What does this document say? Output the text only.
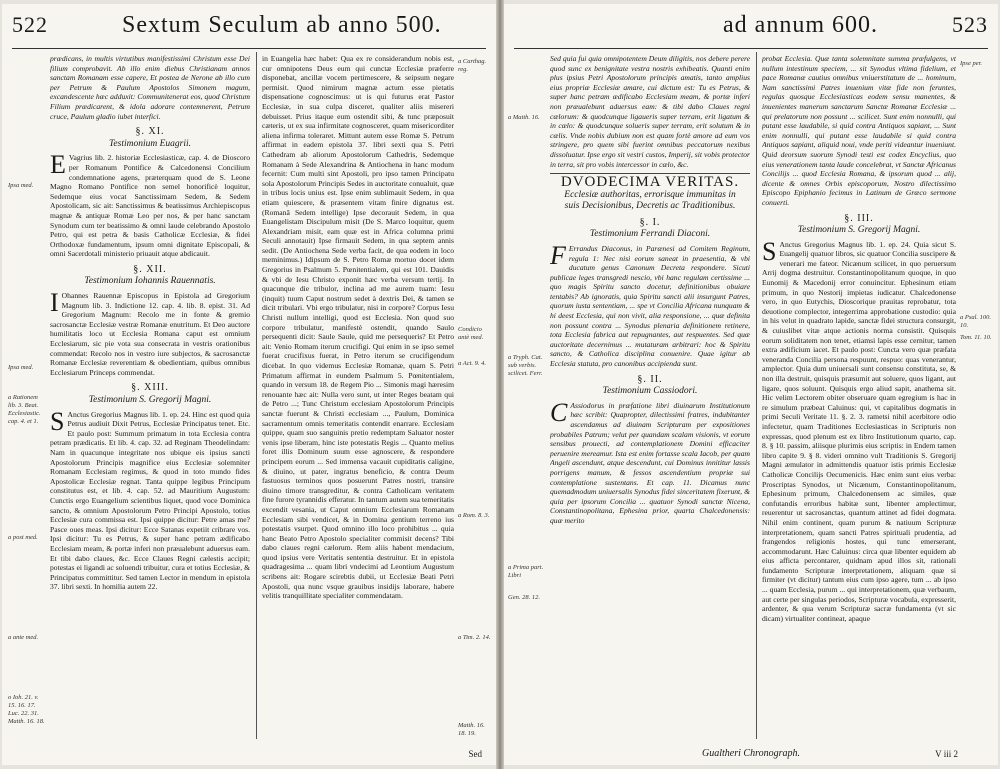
522	Sextum Seculum ab anno 500.
Ipsa med.
Ipsa med.
a Rationem lib. 3. Beat. Ecclesiastic. cap. 4. et 1.
a post med.
a ante med.
o Ioh. 21. v. 15. 16. 17. Luc. 22. 31. Matth. 16. 18.

prædicans, in multis virtutibus manifestissimi Christum esse Dei filium comprobavit. Ab illo enim diebus Christianam annos sanctam Romanam esse capere, Et postea de Nerone ab illo cum per Petrum & Paulum Apostolos Simonem magum, excandescente hæc adduxit: Communitenerat eos, quod Christum Filium prædicarent, & idola adorare contemnerent, Petrum cruce, Paulum gladio iubet interfici.

§. XI.
Testimonium Euagrii.

E Vagrius lib. 2. historiæ Ecclesiasticæ, cap. 4. de Dioscoro per Romanum Pontifice & Calcedonensi Concilium condemnatione agens, præterquam quod de S. Leone Magno Romano Pontifice non semel honorificè loquitur, Sedemque eius vocat Sanctissimam Sedem, & Sedem Apostolicam, sic ait: Sanctissimus & beatissimus Archiepiscopus magnæ & antiquæ Romæ Leo per nos, & per hanc sanctam Synodum cum ter beatissimo & omni laude celebrando Apostolo Petro, qui est petra & basis Catholicæ Ecclesiæ, & fidei Orthodoxæ fundamentum, ipsum omni dignitate Episcopali, & omni Sacerdotali ministerio priuauit atque abdicauit.

§. XII.
Testimonium Iohannis Rauennatis.

I Ohannes Rauennæ Episcopus in Epistola ad Gregorium Magnum lib. 3. Indictione 12. cap. 4. lib. 8. epist. 31. Ad Gregorium Magnum: Recolo me in fonte & gremio sacrosanctæ Ecclesiæ vestræ Romanæ enutritum. Et Deo auctore humilitatis loco ut Ecclesia Romana caput est omnium Ecclesiarum, sic pie vota sua consecrata in vestris orationibus commendat: Recolo nos in vestro iure subjectos, & sacrosanctæ Romanæ Ecclesiæ reverentiam & obedientiam, quibus omnibus Ecclesiarum Princeps commendat.

§. XIII.
Testimonium S. Gregorij Magni.

S Anctus Gregorius Magnus lib. 1. ep. 24. Hinc est quod quia Petrus audiuit Dixit Petrus, Ecclesiæ Principatus tenet. Etc. Et paulo post: Summum primatum in tota Ecclesia contra petram prædicatis. Et lib. 4. cap. 32. ad Reginam Theodelindam: Nam in quacunque integritate nos ubique eis ipsius sancti Apostolorum Principis magnifice eius Ecclesiæ solemniter Romanam Ecclesiam regimus, & quod in toto mundo fides Apostolicæ Ecclesiæ regnat. Tanta quippe legibus Principum constitutus est, et lib. 4. cap. 52. ad Mauritium Augustum: Cunctis ergo Euangelium scientibus liquet, quod voce Dominica sancto, & omnium Apostolorum Petro Principi Apostolo, totius Ecclesiæ cura commissa est. Ipsi quippe dicitur: Petre amas me? Pasce oues meas. Ipsi dicitur: Ecce Satanas expetiit cribrare vos. Ipsi dicitur: Tu es Petrus, & super hanc petram ædificabo Ecclesiam meam, & portæ inferi non præualebunt aduersus eam. Et tibi dabo claues, &c. Ecce Claues Regni cælestis accipit; potestas ei ligandi ac soluendi tribuitur, cura et totius Ecclesiæ, & Principatus committitur. Sed tamen Lector in mendum in epistola 37. libri sexti. In homilia autem 22.

in Euangelia hæc habet: Qua ex re considerandum nobis est, cur omnipotens Deus eum qui cunctæ Ecclesiæ præferre disponebat, ancillæ vocem pertimescere, & seipsum negare permisit. Quod nimirum magnæ actum esse pietatis dispensatione cognoscimus: ut is qui futurus erat Pastor Ecclesiæ, in sua culpa disceret, qualiter aliis misereri debuisset. Prius itaque eum ostendit sibi, & tunc præposuit cæteris, ut ex sua infirmitate cognosceret, quam misericorditer aliena infirma toleraret. Mittunt autem esse Romæ S. Petrum affirmat in eadem epistola 37. libri sexti qua S. Petri Cathedram ab aliorum Apostolorum Cathedris, Sedemque Romanam à Sede Alexandrina & Antiochena in hanc modum fecernit: Cum multi sint Apostoli, pro ipso tamen Principatu sola Apostolorum Principis Sedes in auctoritate conualuit, quæ in tribus locis unius est. Ipse enim sublimauit Sedem, in qua etiam quiescere, & præsentem vitam finire dignatus est. (Romanâ Sedem intellige) Ipse decorauit Sedem, in qua Euangelistam Discipulum misit (De S. Marco loquitur, quem Alexandriam misit, eam quæ est in Africa columna primi Seculi annotauit) Ipse firmauit Sedem, in qua septem annis sedit. (De Antiochena Sede verba facit, de qua eodem in loco meminimus.) Idipsum de S. Petro Romæ mortuo docet idem Gregorius in Psalmum 5. Pœnitentialem, qui est 101. Dauidis & vbi de Iesu Christo exponit hæc verba versum tertij. In quacunque die tribulor, inclina ad me aurem tuam: Iesu (inquit) tuum Caput nostrum sedet à dextris Dei, & tamen se dicit tribulari. Vbi ergo tribulatur, nisi in corpore? Corpus Iesu Christi nullum intelligi, quod est Ecclesia. Non quod suo corpore tribulatur, manifestè ostendit, quando Saulo persequenti dicit: Saule Saule, quid me persequeris? Et Petro ait: Venio Romam iterum crucifigi. Qui enim in se ipso semel fuerat crucifixus fuerat, in Petro iterum se crucifigendum dicebat. In quo videmus Ecclesiæ Romanæ, quam S. Petri Primatum affirmat in eundem Psalmum 5. Pœnitentialem, quando in versum 18. de Regem Pio ... Simonis magi hæresim renouante hæc ait: Nulla vero sunt, ut inter Reges beatam qui de Petro ...; Tunc Christum ecclesiam Apostolorum Principis sanctæ fuerunt & Christi ecclesiam ..., Paulum, Dominica sacramentum omnis temeritatis contendit enarrare. Ecclesiam quippe, quam suo sanguinis pretio redemptam Saluator noster venis ipse liberam, hinc iste potestatis Regis ... Quanto melius foret illis Dominum suum esse agnoscere, & respondere principem eorum ... Sed immensa vacauit cupiditatis caligine, & diuino, ut pater, ingratus beneficio, & contra Deum fastuosus terminos quos posuerunt Patres nostri, transire diuino timore transgreditur, & contra Catholicam veritatem fine furore tyrannidis efferatur. In tantum autem sua temeritatis excendit vesania, ut Caput omnium Ecclesiarum Romanam Ecclesiam sibi vendicet, & in Domina gentium terreno ius potestatis vsurpet. Quod omnino illo loco prohibitus ... quia hanc Beato Petro Apostolo specialiter commisit decens? Tibi dabo claues regni cælorum. Rem aliis habent mendacium, quod ipsius vere Veritatis sententia destruitur. Et in epistola quadragesima ... quam libri vndecimi ad Leontium Augustum scribens ait: Rogare scirebtis dubii, ut Ecclesiæ Beati Petri Apostoli, qua nunc vsque grauibus insidijs laborare, habere velitis tranquillitate specialiter commendatam.

a Carthag. reg.
Condicio antè med.
a Act. 9. 4.
a Rom. 8. 3.
a Tim. 2. 14.
Matth. 16. 18. 19.
Sed
ad annum 600.	523
a Matth. 16.
a Tryph. Cat. sub verbis. scilicet. Ferr.
a Prima part. Libri
Gen. 28. 12.

Sed quia fui quia omnipotentem Deum diligitis, nos debere perere quod sunc ex benignitate vestra nostris exhibeatis. Quanti enim plus ipsius Petri Apostolorum principis amatis, tanto amplius eius propriæ Ecclesiæ amare, cui dictum est: Tu es Petrus, & super hanc petram ædificabo Ecclesiam meam, & portæ inferi non præualebunt aduersus eam: & tibi dabo Claues regni cælorum: & quodcunque ligaueris super terram, erit ligatum & in cælo: & quodcunque solueris super terram, erit solutum & in cælis. Vnde nobis dubium non est quam fortè amore ad eum vos stringere, pro quem sibi fuerint omnibus peccatorum nexibus dissoluatur. Ipse ergo sit vestri custos, Imperij, sit vobis protector in terra, sit pro vobis intercessor in cælo, &c.

DVODECIMA VERITAS.
Ecclesiæ authoritas, errorisque immunitas in suis Decisionibus, Decretis ac Traditionibus.
§. I.
Testimonium Ferrandi Diaconi.

F Errandus Diaconus, in Parænesi ad Comitem Reginum, regula 1: Nec nisi eorum saneat in praesentia, & vbi ducatum genus Canonum Decreta respondere. Sicuti publicae leges transgredi nescio, vbi hanc regulam certissime ... quo magis Spiritu sancto docetur, definitionibus obuiare tentabis? Ab ignoratis, quia Spiritu sancti alii insurgunt Patres, quorum iusta sententiam, ... spe vt Concilia Africana nunquam & hi deest Ecclesia, qui non vivit, alia responsione, ... quæ definita non possunt contra ... Synodus plenaria definitionem retinere, tota Ecclesia fabrica aut repugnantes, aut respuentes. Sed quæ auctoritate decernimus ... mutaturam arbitrari: hoc & Spiritu sancto, & Catholica disciplina conuenire. Quae igitur ab Ecclesia statuta, pro canonibus accipienda sunt.

§. II.
Testimonium Cassiodori.

C Assiodorus in præfatione libri diuinarum Institutionum hæc scribit: Quapropter, dilectissimi fratres, indubitanter ascendamus ad diuinam Scripturam per expositiones probabiles Patrum; velut per quandam scalam visionis, vt eorum sensibus prouecti, ad contemplationem Domini efficaciter peruenire mereamur. Ista est enim fortasse scala Iacob, per quam Angeli ascendunt, atque descendunt, cui Dominus innititur lassis porrigens manum, & fessos ascendentium propriæ sui contemplatione sustentans. Et cap. 11. Dicamus nunc quemadmodum uniuersalis Synodus fidei sinceritatem fixerunt, & quia per ipsorum Concilia ... quatuor Synodi sanctæ Nicena, Constantinopolitana, Ephesina prior, quarta Chalcedonensis: quæ merito

probat Ecclesia. Quæ tanta solemnitate summa præfulgens, vt nullum intestinum speciem, ... sit Synodus vltima fidelium, et pace Romanæ cautius omnibus vniuerstitatum de ... hominum, Nam sanctissimi Patres inuenium vitæ fide non feruntes, regulas quosque Ecclesiasticas eodem sensu manentes, & inuenientes manerum sanctarum Sanctæ Romanæ Ecclesiæ ... qui prelatorum non possunt ... scilicet. Sunt enim nonnulli, qui putant esse laudabile, si quid contra Antiquos sapiant, ... Sunt enim nonnulli, qui putant esse laudabile si quid contra Antiquos sapiant, aliquid noui, vnde periti videantur inueniunt. Quid deorsum suorum Synodi testi est codex Encyclius, quo eius venerationem tanta laude concelebrat, vt Sanctæ Africanus Concilijs ... quod Ecclesia Romana, & ipsorum quod ... alij, dicente & omnes Orbis episcoporum, Nostro dilectissimo Episcopo Epiphanio fecimus in Latinum de Græco sermone conuerti.

§. III.
Testimonium S. Gregorij Magni.

S Anctus Gregorius Magnus lib. 1. ep. 24. Quia sicut S. Euangelij quatuor libros, sic quatuor Concilia suscipere & venerari me fateor. Nicænum scilicet, in quo peruersum Arrij dogma destruitur. Constantinopolitanum quoque, in quo Eunomij & Macedonij error conuincitur. Ephesinum etiam primum, in quo Nestorij impietas iudicatur. Chalcedonense vero, in quo Eutychis, Dioscorique prauitas reprobatur, tota deuotione complector, integerrima approbatione custodio: quia in his velut in quadrato lapide, sanctæ fidei structura consurgit, & cuiuslibet vitæ atque actionis norma consistit. Quisquis eorum soliditatem non tenet, etiamsi lapis esse cernitur, tamen extra ædificium iacet. Et paulo post: Cuncta vero quæ præfata veneranda Concilia persona respuunt, respuo: quas venerantur, amplector. Quia dum uniuersali sunt consensu constituta, se, & non illa destruit, quisquis præsumit aut soluere, quos ligant, aut ligare, quos soluunt. Quisquis ergo aliud sapit, anathema sit. Hic velim Lectorem obiter obseruare quam egregium is hac in re simulum præbeat Caluinus: qui, vt capitalibus dogmatis in primi Seculi Veritate 11. §. 2. 3. rametsi nihil acerbitore odio infectetur, quam Traditiones Ecclesiasticas in Scripturis non expressas, quod plenum est ex libro Institutionum quarto, cap. 8. § 10. passim, aliisque plurimis eius scriptis: in Endem tamen libro capite 9. § 8. videri omnino vult Traditionis S. Gregorij Magni æmulator in admittendis quatuor istis primis Ecclesiæ Catholicæ Concilijs Oecumenicis. Hæc enim sunt eius verba: Proscriptas Synodos, ut Nicænum, Constantinopolitanum, Ephesinum primum, Chalcedonensem ac similes, quæ confutandis erroribus habitæ sunt, libenter amplectimur, reuerentur ut sacrosanctas, quantum attinet ad fidei dogmata. Nihil enim continent, quam purum & natiuum Scripturæ interpretationem, quam sancti Patres spirituali prudentia, ad frangendos religionis hostes, qui tunc emerserant, accommodarunt. Hæc Caluinus: circa quæ libenter equidem ab eius afficta percontarer, quidnam apud illos sit, rationali fundamento Scripturæ interpretationem, aliquam quæ si firmiter (vt dicitur) tantum eius cum ipso agere, tum ... ab ipso ... quam Ecclesia, purum ... qui interpretationem, quæ verbaum, aut certe per singulas periodos, Scripturæ vocabula, expresserit, ardenter, & qua verum Scripturæ sacræ fundamenta (vt sic dicam) virtualiter contineat, apaque

Ipse per.
a Psal. 100. 10.
Tom. 11. 10.
Gualtheri Chronograph.	V iii 2
